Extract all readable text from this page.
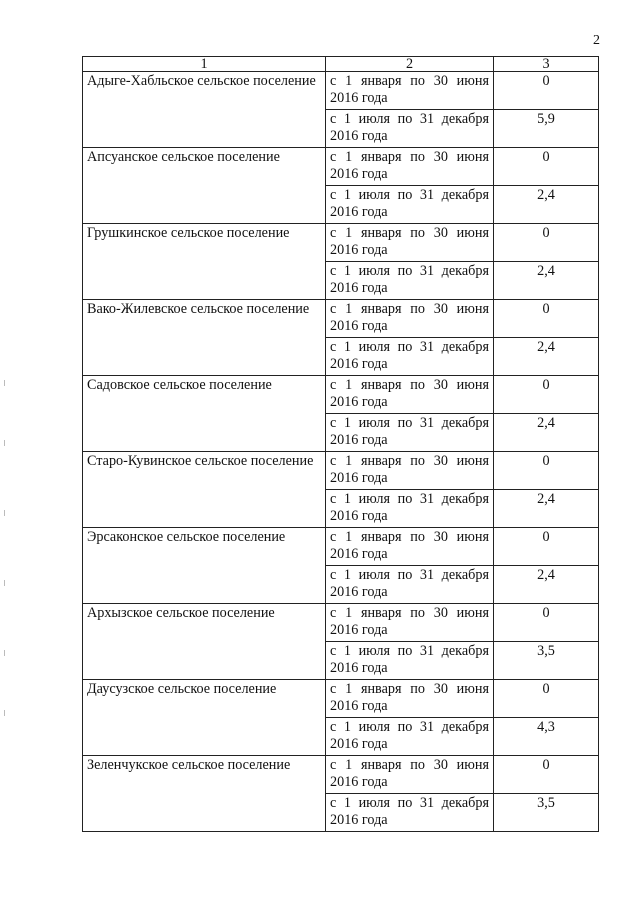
2
1	2	3
Адыге-Хабльское сельское поселение	с 1 января по 30 июня 2016 года	0
	с 1 июля по 31 декабря 2016 года	5,9
Апсуанское сельское поселение	с 1 января по 30 июня 2016 года	0
	с 1 июля по 31 декабря 2016 года	2,4
Грушкинское сельское поселение	с 1 января по 30 июня 2016 года	0
	с 1 июля по 31 декабря 2016 года	2,4
Вако-Жилевское сельское поселение	с 1 января по 30 июня 2016 года	0
	с 1 июля по 31 декабря 2016 года	2,4
Садовское сельское поселение	с 1 января по 30 июня 2016 года	0
	с 1 июля по 31 декабря 2016 года	2,4
Старо-Кувинское сельское поселение	с 1 января по 30 июня 2016 года	0
	с 1 июля по 31 декабря 2016 года	2,4
Эрсаконское сельское поселение	с 1 января по 30 июня 2016 года	0
	с 1 июля по 31 декабря 2016 года	2,4
Архызское сельское поселение	с 1 января по 30 июня 2016 года	0
	с 1 июля по 31 декабря 2016 года	3,5
Даусузское сельское поселение	с 1 января по 30 июня 2016 года	0
	с 1 июля по 31 декабря 2016 года	4,3
Зеленчукское сельское поселение	с 1 января по 30 июня 2016 года	0
	с 1 июля по 31 декабря 2016 года	3,5
